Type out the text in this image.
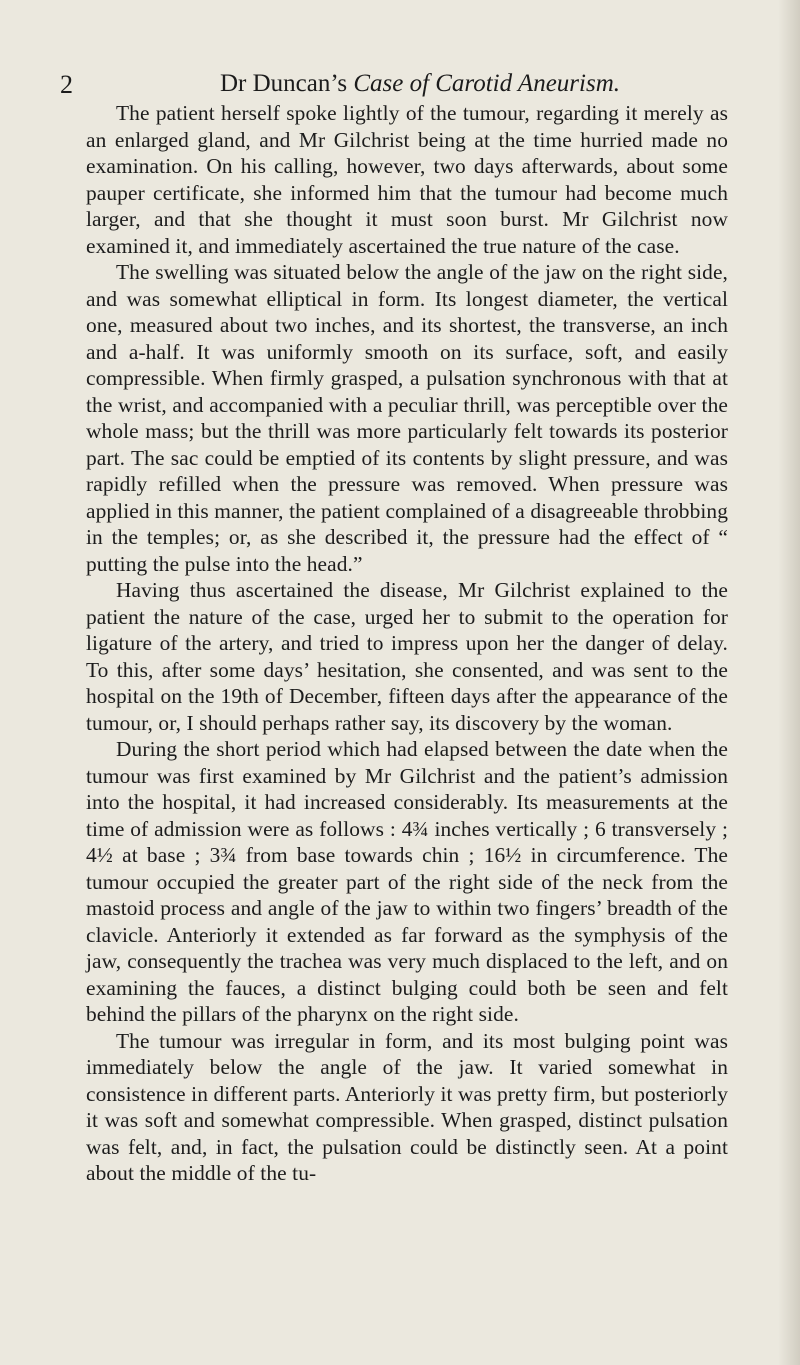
2	Dr Duncan’s Case of Carotid Aneurism.

The patient herself spoke lightly of the tumour, regarding it merely as an enlarged gland, and Mr Gilchrist being at the time hurried made no examination. On his calling, however, two days afterwards, about some pauper certificate, she informed him that the tumour had become much larger, and that she thought it must soon burst. Mr Gilchrist now examined it, and immediately ascertained the true nature of the case.

The swelling was situated below the angle of the jaw on the right side, and was somewhat elliptical in form. Its longest diameter, the vertical one, measured about two inches, and its shortest, the transverse, an inch and a-half. It was uniformly smooth on its surface, soft, and easily compressible. When firmly grasped, a pulsation synchronous with that at the wrist, and accompanied with a peculiar thrill, was perceptible over the whole mass; but the thrill was more particularly felt towards its posterior part. The sac could be emptied of its contents by slight pressure, and was rapidly refilled when the pressure was removed. When pressure was applied in this manner, the patient complained of a disagreeable throbbing in the temples; or, as she described it, the pressure had the effect of “ putting the pulse into the head.”

Having thus ascertained the disease, Mr Gilchrist explained to the patient the nature of the case, urged her to submit to the operation for ligature of the artery, and tried to impress upon her the danger of delay. To this, after some days’ hesitation, she consented, and was sent to the hospital on the 19th of December, fifteen days after the appearance of the tumour, or, I should perhaps rather say, its discovery by the woman.

During the short period which had elapsed between the date when the tumour was first examined by Mr Gilchrist and the patient’s admission into the hospital, it had increased considerably. Its measurements at the time of admission were as follows : 4¾ inches vertically ; 6 transversely ; 4½ at base ; 3¾ from base towards chin ; 16½ in circumference. The tumour occupied the greater part of the right side of the neck from the mastoid process and angle of the jaw to within two fingers’ breadth of the clavicle. Anteriorly it extended as far forward as the symphysis of the jaw, consequently the trachea was very much displaced to the left, and on examining the fauces, a distinct bulging could both be seen and felt behind the pillars of the pharynx on the right side.

The tumour was irregular in form, and its most bulging point was immediately below the angle of the jaw. It varied somewhat in consistence in different parts. Anteriorly it was pretty firm, but posteriorly it was soft and somewhat compressible. When grasped, distinct pulsation was felt, and, in fact, the pulsation could be distinctly seen. At a point about the middle of the tu-
